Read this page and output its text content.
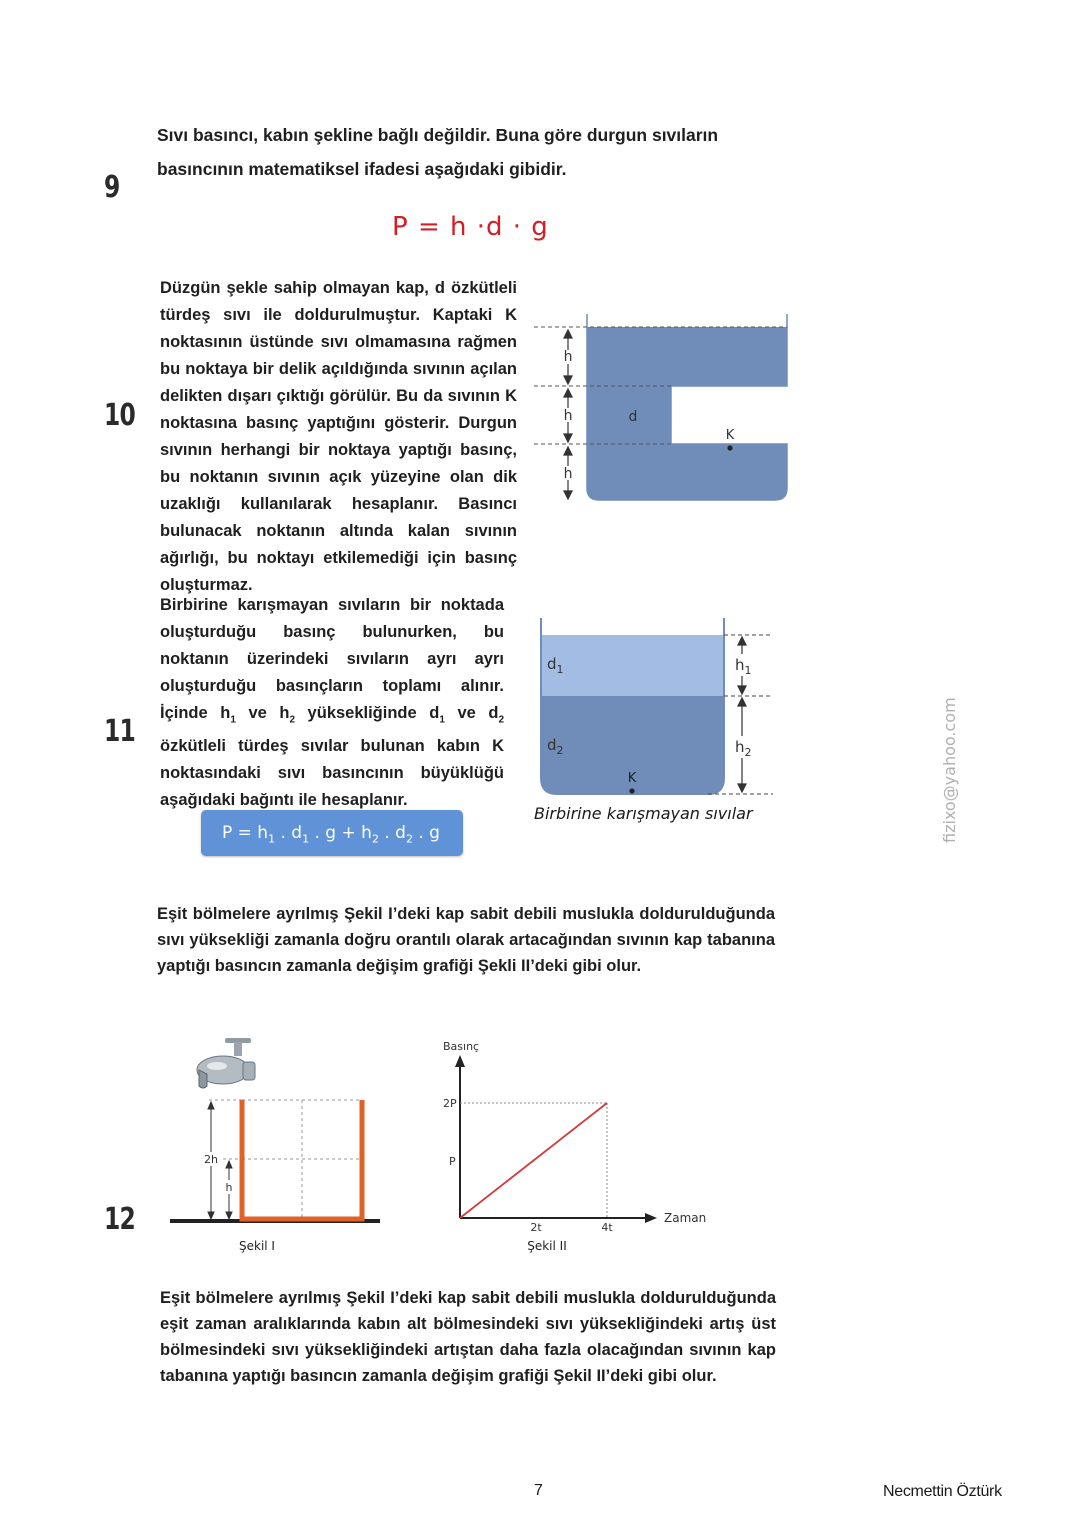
9
Sıvı basıncı, kabın şekline bağlı değildir. Buna göre durgun sıvıların basıncının matematiksel ifadesi aşağıdaki gibidir.
P = h ·d · g
10
Düzgün şekle sahip olmayan kap, d özkütleli türdeş sıvı ile doldurulmuştur. Kaptaki K noktasının üstünde sıvı olmamasına rağmen bu noktaya bir delik açıldığında sıvının açılan delikten dışarı çıktığı görülür. Bu da sıvının K noktasına basınç yaptığını gösterir. Durgun sıvının herhangi bir noktaya yaptığı basınç, bu noktanın sıvının açık yüzeyine olan dik uzaklığı kullanılarak hesaplanır. Basıncı bulunacak noktanın altında kalan sıvının ağırlığı, bu noktayı etkilemediği için basınç oluşturmaz.
h
h
h
d
K
11
Birbirine karışmayan sıvıların bir noktada oluşturduğu basınç bulunurken, bu noktanın üzerindeki sıvıların ayrı ayrı oluşturduğu basınçların toplamı alınır. İçinde $h_1$ ve $h_2$ yüksekliğinde $d_1$ ve $d_2$ özkütleli türdeş sıvılar bulunan kabın K noktasındaki sıvı basıncının büyüklüğü aşağıdaki bağıntı ile hesaplanır.
$h_1$
$h_2$
$d_1$
$d_2$
K
Birbirine karışmayan sıvılar
$P = h_1$ . $d_1$ . $g + h_2$ . $d_2$ . g	fizixo@yahoo.com
Eşit bölmelere ayrılmış Şekil I’deki kap sabit debili muslukla doldurulduğunda sıvı yüksekliği zamanla doğru orantılı olarak artacağından sıvının kap tabanına yaptığı basıncın zamanla değişim grafiği Şekli II’deki gibi olur.
12
2h
h
Şekil I
Basınç
2P
P
2t	4t
Zaman
Şekil II
Eşit bölmelere ayrılmış Şekil I’deki kap sabit debili muslukla doldurulduğunda eşit zaman aralıklarında kabın alt bölmesindeki sıvı yüksekliğindeki artış üst bölmesindeki sıvı yüksekliğindeki artıştan daha fazla olacağından sıvının kap tabanına yaptığı basıncın zamanla değişim grafiği Şekil II’deki gibi olur.
7	Necmettin Öztürk
